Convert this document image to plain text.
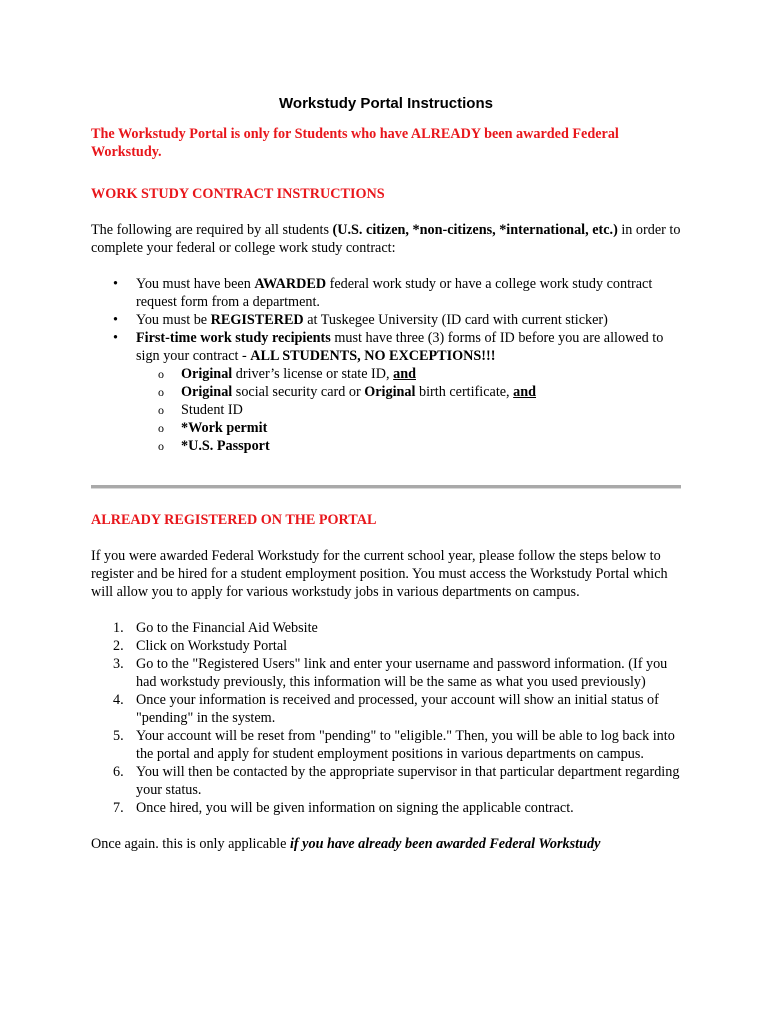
Workstudy Portal Instructions

The Workstudy Portal is only for Students who have ALREADY been awarded Federal Workstudy.

WORK STUDY CONTRACT INSTRUCTIONS

The following are required by all students (U.S. citizen, *non-citizens, *international, etc.) in order to complete your federal or college work study contract:

• You must have been AWARDED federal work study or have a college work study contract request form from a department.
• You must be REGISTERED at Tuskegee University (ID card with current sticker)
• First-time work study recipients must have three (3) forms of ID before you are allowed to sign your contract - ALL STUDENTS, NO EXCEPTIONS!!!
o Original driver’s license or state ID, and
o Original social security card or Original birth certificate, and
o Student ID
o *Work permit
o *U.S. Passport

ALREADY REGISTERED ON THE PORTAL

If you were awarded Federal Workstudy for the current school year, please follow the steps below to register and be hired for a student employment position. You must access the Workstudy Portal which will allow you to apply for various workstudy jobs in various departments on campus.

1. Go to the Financial Aid Website
2. Click on Workstudy Portal
3. Go to the "Registered Users" link and enter your username and password information. (If you had workstudy previously, this information will be the same as what you used previously)
4. Once your information is received and processed, your account will show an initial status of "pending" in the system.
5. Your account will be reset from "pending" to "eligible." Then, you will be able to log back into the portal and apply for student employment positions in various departments on campus.
6. You will then be contacted by the appropriate supervisor in that particular department regarding your status.
7. Once hired, you will be given information on signing the applicable contract.

Once again. this is only applicable if you have already been awarded Federal Workstudy
